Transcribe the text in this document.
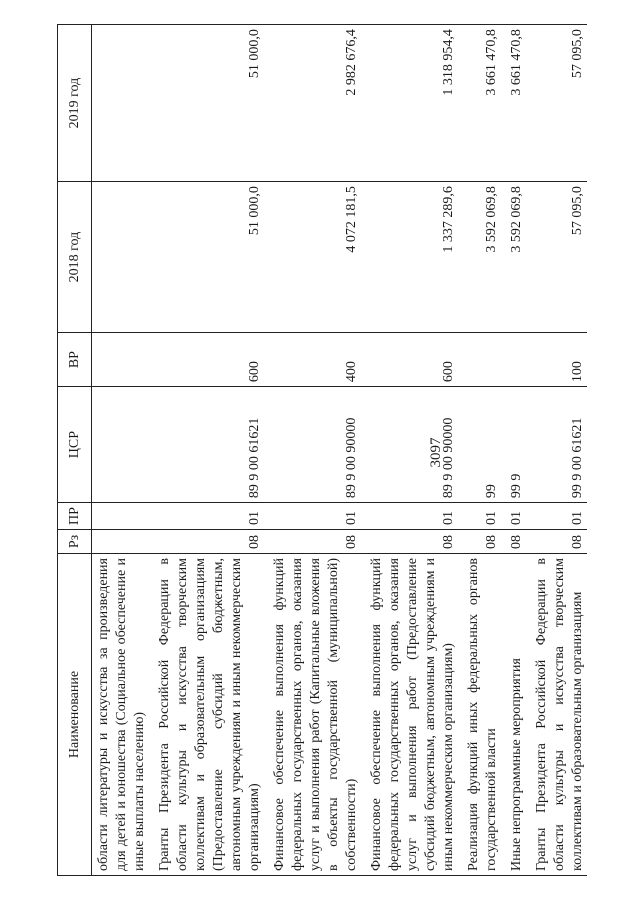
3097
Наименование	Рз	ПР	ЦСР	ВР	2018 год	2019 год
области литературы и искусства за произведения для детей и юношества (Социальное обеспечение и иные выплаты населению)						
Гранты Президента Российской Федерации в области культуры и искусства творческим коллективам и образовательным организациям (Предоставление субсидий бюджетным, автономным учреждениям и иным некоммерческим организациям)	08	01	89 9 00 61621	600	51 000,0	51 000,0
Финансовое обеспечение выполнения функций федеральных государственных органов, оказания услуг и выполнения работ (Капитальные вложения в объекты государственной (муниципальной) собственности)	08	01	89 9 00 90000	400	4 072 181,5	2 982 676,4
Финансовое обеспечение выполнения функций федеральных государственных органов, оказания услуг и выполнения работ (Предоставление субсидий бюджетным, автономным учреждениям и иным некоммерческим организациям)	08	01	89 9 00 90000	600	1 337 289,6	1 318 954,4
Реализация функций иных федеральных органов государственной власти	08	01	99		3 592 069,8	3 661 470,8
Иные непрограммные мероприятия	08	01	99 9		3 592 069,8	3 661 470,8
Гранты Президента Российской Федерации в области культуры и искусства творческим коллективам и образовательным организациям	08	01	99 9 00 61621	100	57 095,0	57 095,0
